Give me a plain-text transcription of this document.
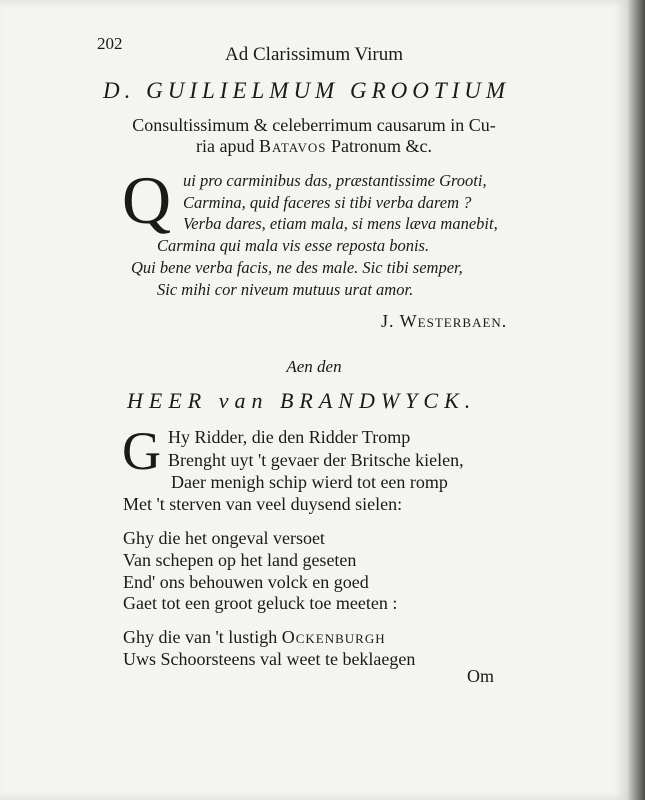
202
Ad Clarissimum Virum
D. GUILIELMUM GROOTIUM
Consultissimum & celeberrimum causarum in Cu-
ria apud Batavos Patronum &c.
Q ui pro carminibus das, præstantissime Grooti,
Carmina, quid faceres si tibi verba darem ?
Verba dares, etiam mala, si mens læva manebit,
Carmina qui mala vis esse reposta bonis.
Qui bene verba facis, ne des male. Sic tibi semper,
Sic mihi cor niveum mutuus urat amor.
J. Westerbaen.
Aen den
HEER van BRANDWYCK.
G Hy Ridder, die den Ridder Tromp
Brenght uyt 't gevaer der Britsche kielen,
Daer menigh schip wierd tot een romp
Met 't sterven van veel duysend sielen:
Ghy die het ongeval versoet
Van schepen op het land geseten
End' ons behouwen volck en goed
Gaet tot een groot geluck toe meeten :
Ghy die van 't lustigh Ockenburgh
Uws Schoorsteens val weet te beklaegen
Om
